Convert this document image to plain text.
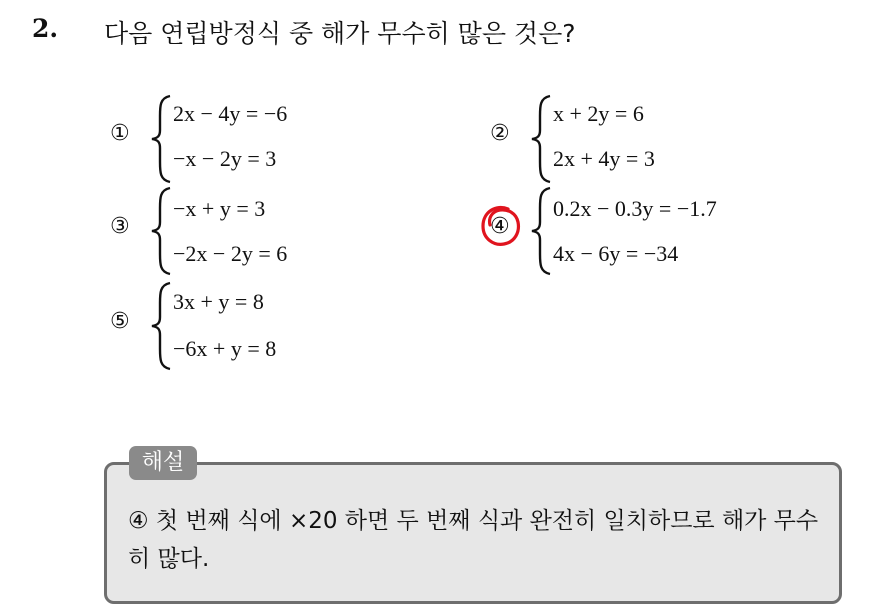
2. 다음 연립방정식 중 해가 무수히 많은 것은?
①
2x − 4y = −6
−x − 2y = 3
②
x + 2y = 6
2x + 4y = 3
③
−x + y = 3
−2x − 2y = 6
④
0.2x − 0.3y = −1.7
4x − 6y = −34
⑤
3x + y = 8
−6x + y = 8
해설
④ 첫 번째 식에 ×20 하면 두 번째 식과 완전히 일치하므로 해가 무수히 많다.
